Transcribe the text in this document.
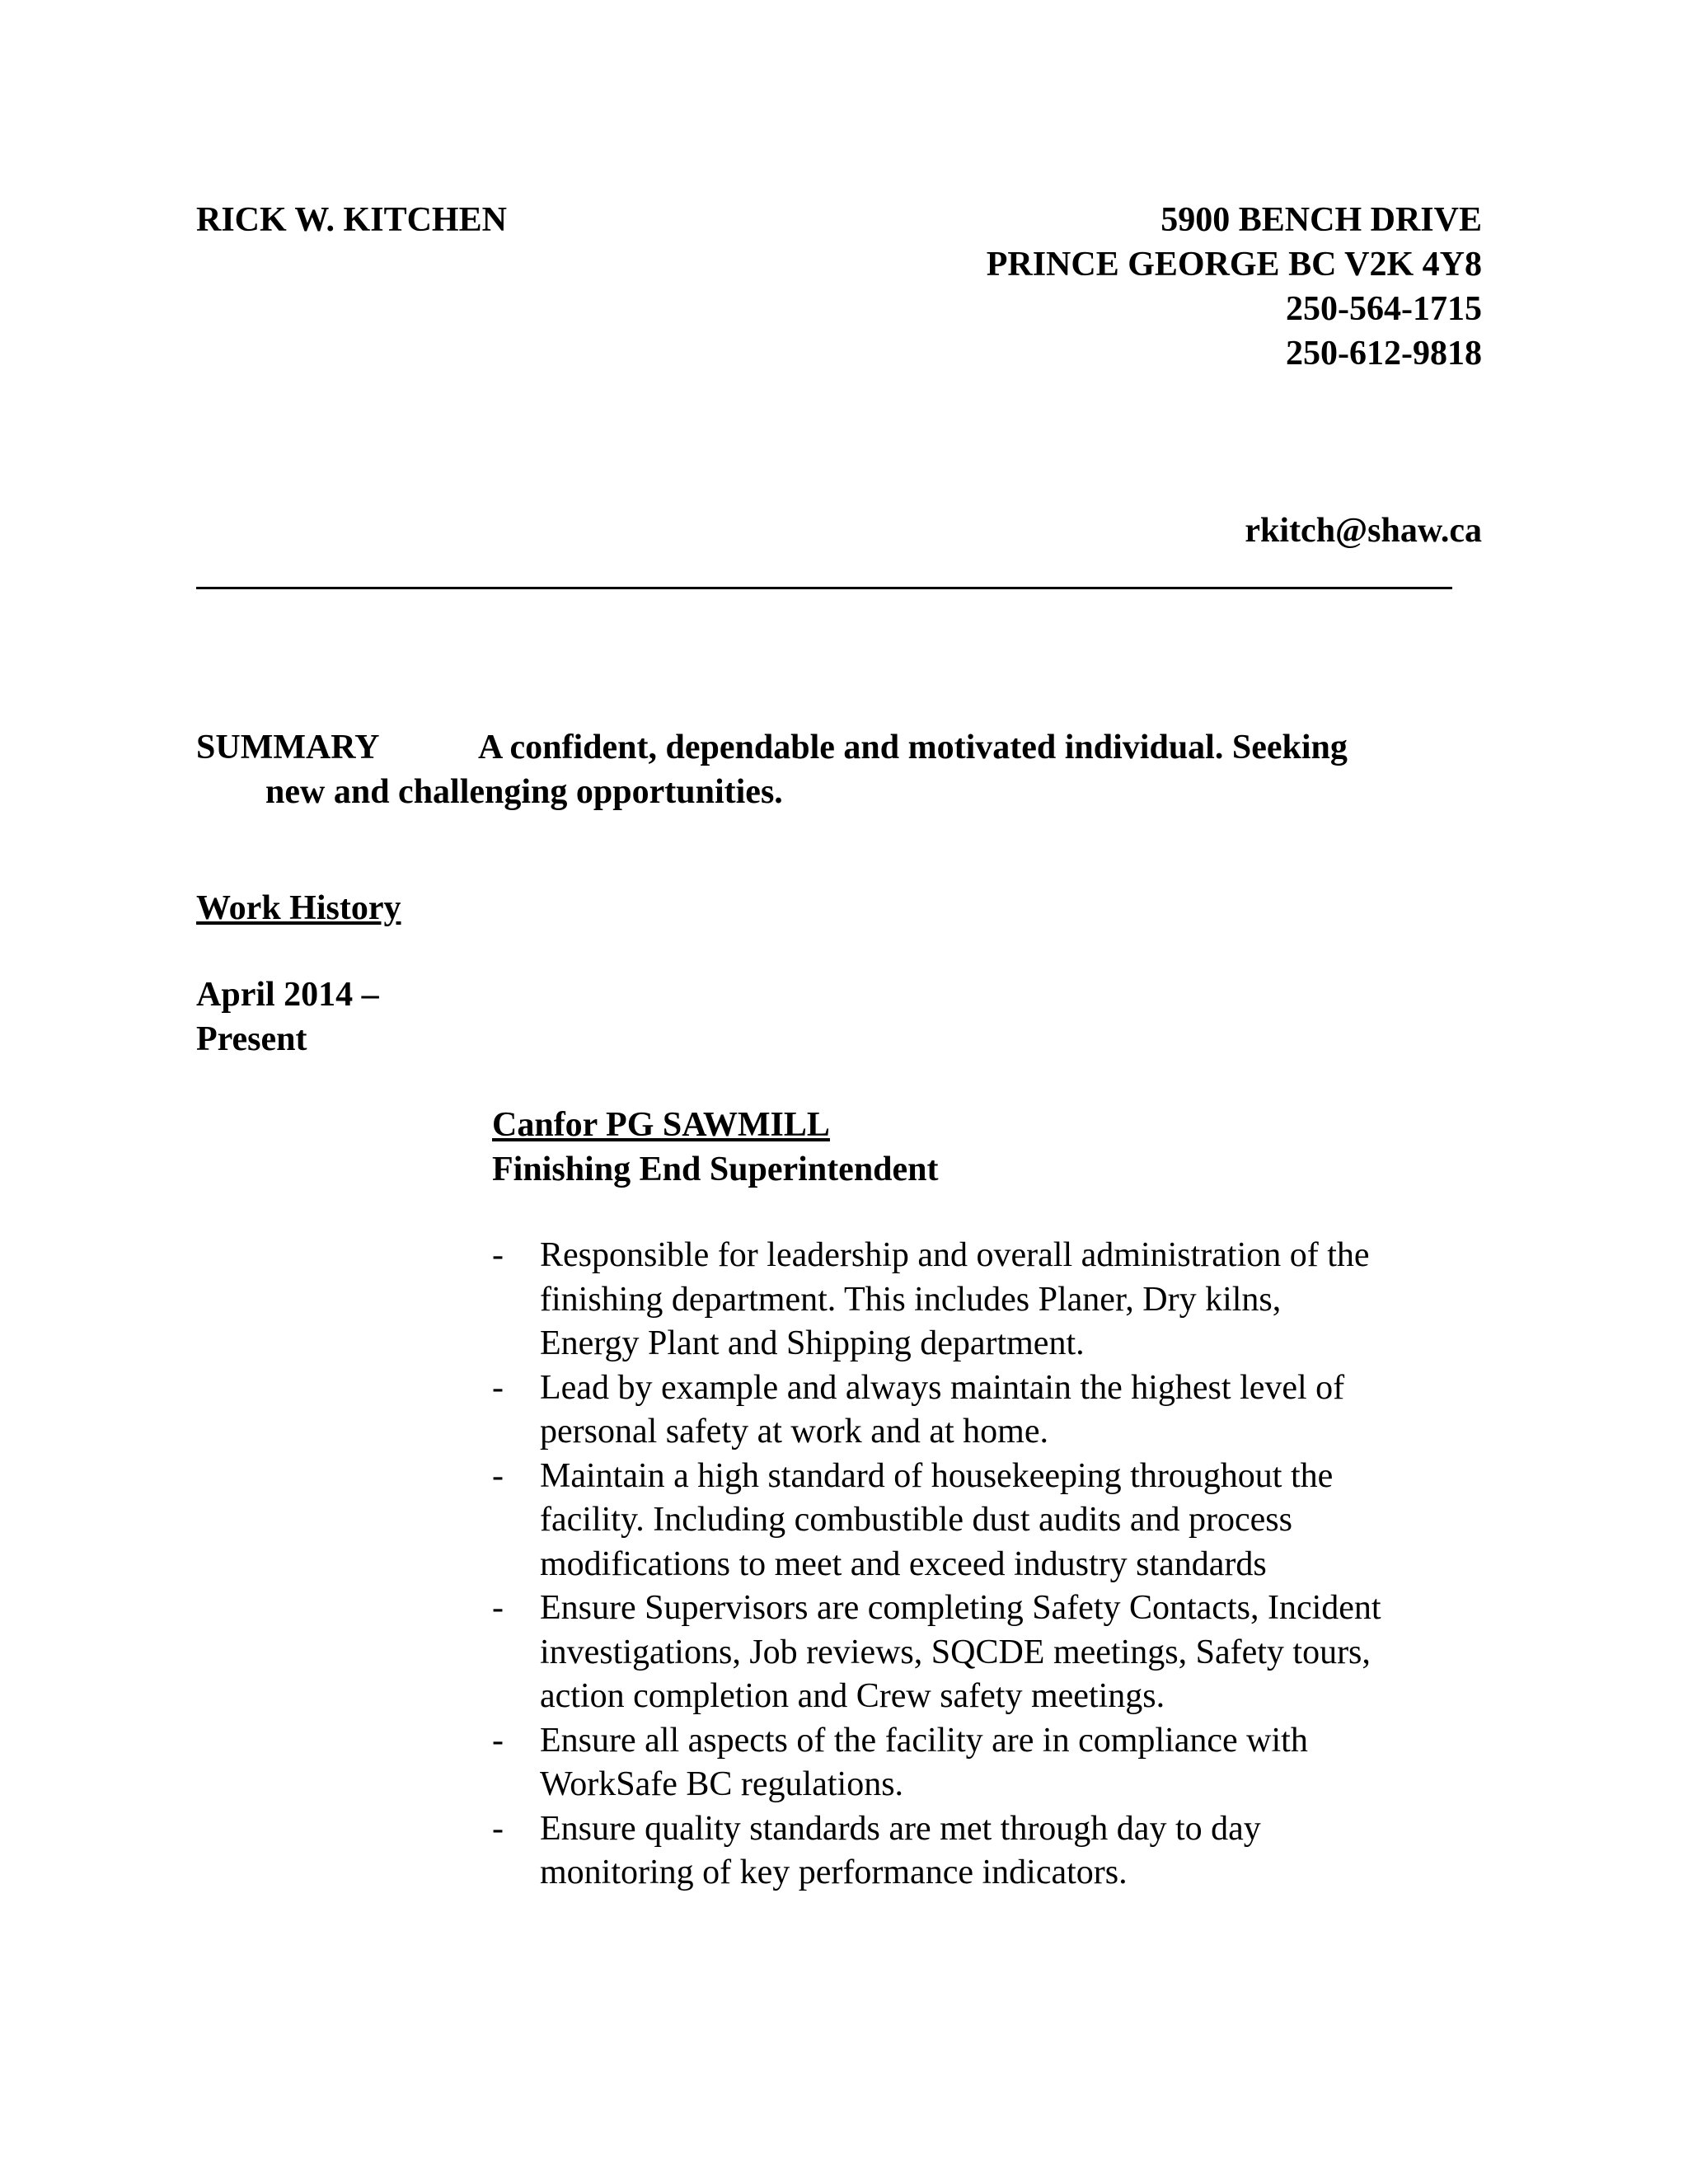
RICK W. KITCHEN	5900 BENCH DRIVE
PRINCE GEORGE BC V2K 4Y8
250-564-1715
250-612-9818
rkitch@shaw.ca
SUMMARY	A confident, dependable and motivated individual. Seeking
new and challenging opportunities.
Work History
April 2014 –
Present
Canfor PG SAWMILL
Finishing End Superintendent
- Responsible for leadership and overall administration of the
finishing department. This includes Planer, Dry kilns,
Energy Plant and Shipping department.
- Lead by example and always maintain the highest level of
personal safety at work and at home.
- Maintain a high standard of housekeeping throughout the
facility. Including combustible dust audits and process
modifications to meet and exceed industry standards
- Ensure Supervisors are completing Safety Contacts, Incident
investigations, Job reviews, SQCDE meetings, Safety tours,
action completion and Crew safety meetings.
- Ensure all aspects of the facility are in compliance with
WorkSafe BC regulations.
- Ensure quality standards are met through day to day
monitoring of key performance indicators.
